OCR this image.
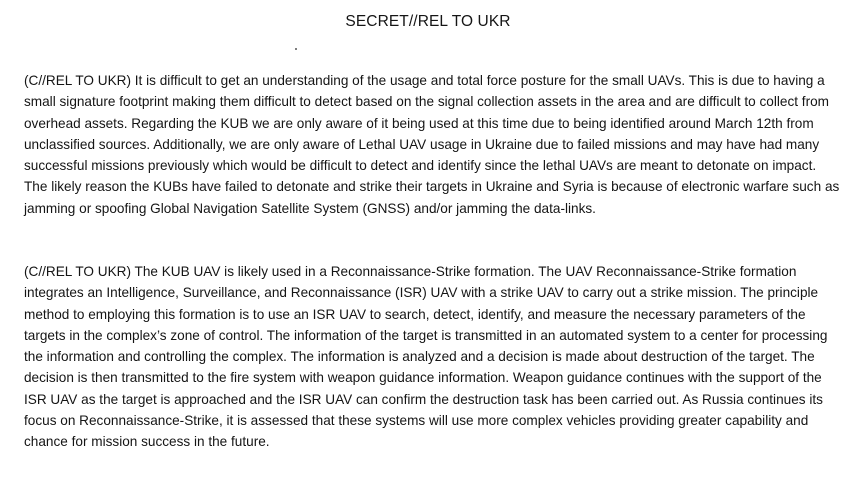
SECRET//REL TO UKR

(C//REL TO UKR) It is difficult to get an understanding of the usage and total force posture for the small UAVs. This is due to having a small signature footprint making them difficult to detect based on the signal collection assets in the area and are difficult to collect from overhead assets. Regarding the KUB we are only aware of it being used at this time due to being identified around March 12th from unclassified sources. Additionally, we are only aware of Lethal UAV usage in Ukraine due to failed missions and may have had many successful missions previously which would be difficult to detect and identify since the lethal UAVs are meant to detonate on impact. The likely reason the KUBs have failed to detonate and strike their targets in Ukraine and Syria is because of electronic warfare such as jamming or spoofing Global Navigation Satellite System (GNSS) and/or jamming the data-links.

(C//REL TO UKR) The KUB UAV is likely used in a Reconnaissance-Strike formation. The UAV Reconnaissance-Strike formation integrates an Intelligence, Surveillance, and Reconnaissance (ISR) UAV with a strike UAV to carry out a strike mission. The principle method to employing this formation is to use an ISR UAV to search, detect, identify, and measure the necessary parameters of the targets in the complex’s zone of control. The information of the target is transmitted in an automated system to a center for processing the information and controlling the complex. The information is analyzed and a decision is made about destruction of the target. The decision is then transmitted to the fire system with weapon guidance information. Weapon guidance continues with the support of the ISR UAV as the target is approached and the ISR UAV can confirm the destruction task has been carried out. As Russia continues its focus on Reconnaissance-Strike, it is assessed that these systems will use more complex vehicles providing greater capability and chance for mission success in the future.
